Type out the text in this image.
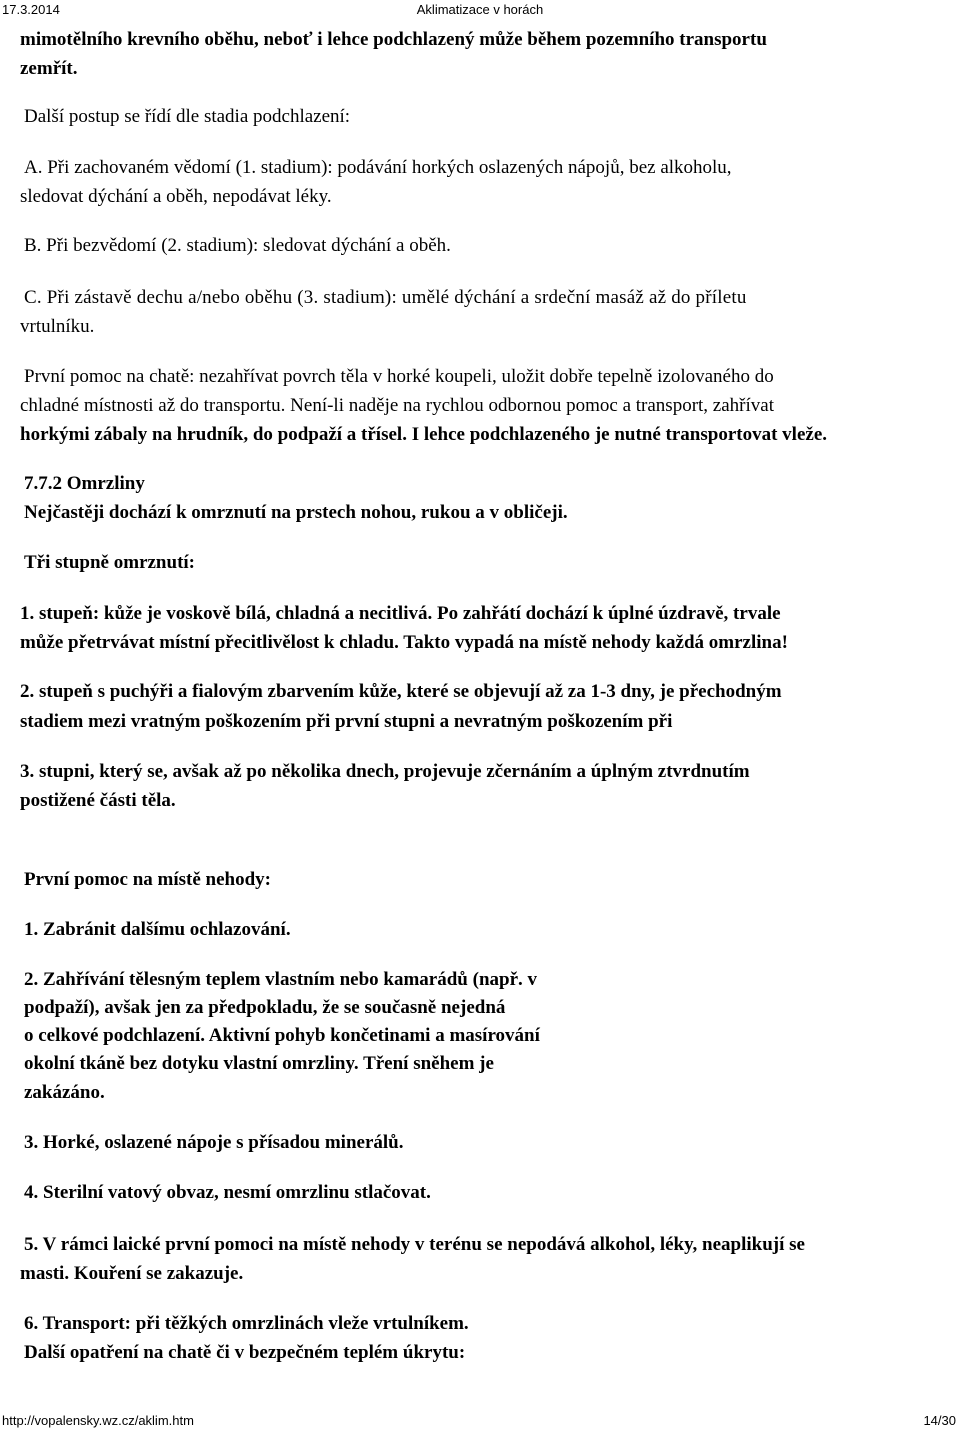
17.3.2014	Aklimatizace v horách
mimotělního krevního oběhu, neboť i lehce podchlazený může během pozemního transportu
zemřít.
Další postup se řídí dle stadia podchlazení:
A. Při zachovaném vědomí (1. stadium): podávání horkých oslazených nápojů, bez alkoholu,
sledovat dýchání a oběh, nepodávat léky.
B. Při bezvědomí (2. stadium): sledovat dýchání a oběh.
C. Při zástavě dechu a/nebo oběhu (3. stadium): umělé dýchání a srdeční masáž až do příletu
vrtulníku.
První pomoc na chatě: nezahřívat povrch těla v horké koupeli, uložit dobře tepelně izolovaného do
chladné místnosti až do transportu. Není-li naděje na rychlou odbornou pomoc a transport, zahřívat
horkými zábaly na hrudník, do podpaží a třísel. I lehce podchlazeného je nutné transportovat vleže.
7.7.2 Omrzliny
Nejčastěji dochází k omrznutí na prstech nohou, rukou a v obličeji.
Tři stupně omrznutí:
1. stupeň: kůže je voskově bílá, chladná a necitlivá. Po zahřátí dochází k úplné úzdravě, trvale
může přetrvávat místní přecitlivělost k chladu. Takto vypadá na místě nehody každá omrzlina!
2. stupeň s puchýři a fialovým zbarvením kůže, které se objevují až za 1-3 dny, je přechodným
stadiem mezi vratným poškozením při první stupni a nevratným poškozením při
3. stupni, který se, avšak až po několika dnech, projevuje zčernáním a úplným ztvrdnutím
postižené části těla.
První pomoc na místě nehody:
1. Zabránit dalšímu ochlazování.
2. Zahřívání tělesným teplem vlastním nebo kamarádů (např. v
podpaží), avšak jen za předpokladu, že se současně nejedná
o celkové podchlazení. Aktivní pohyb končetinami a masírování
okolní tkáně bez dotyku vlastní omrzliny. Tření sněhem je
zakázáno.
3. Horké, oslazené nápoje s přísadou minerálů.
4. Sterilní vatový obvaz, nesmí omrzlinu stlačovat.
5. V rámci laické první pomoci na místě nehody v terénu se nepodává alkohol, léky, neaplikují se
masti. Kouření se zakazuje.
6. Transport: při těžkých omrzlinách vleže vrtulníkem.
Další opatření na chatě či v bezpečném teplém úkrytu:
http://vopalensky.wz.cz/aklim.htm	14/30
